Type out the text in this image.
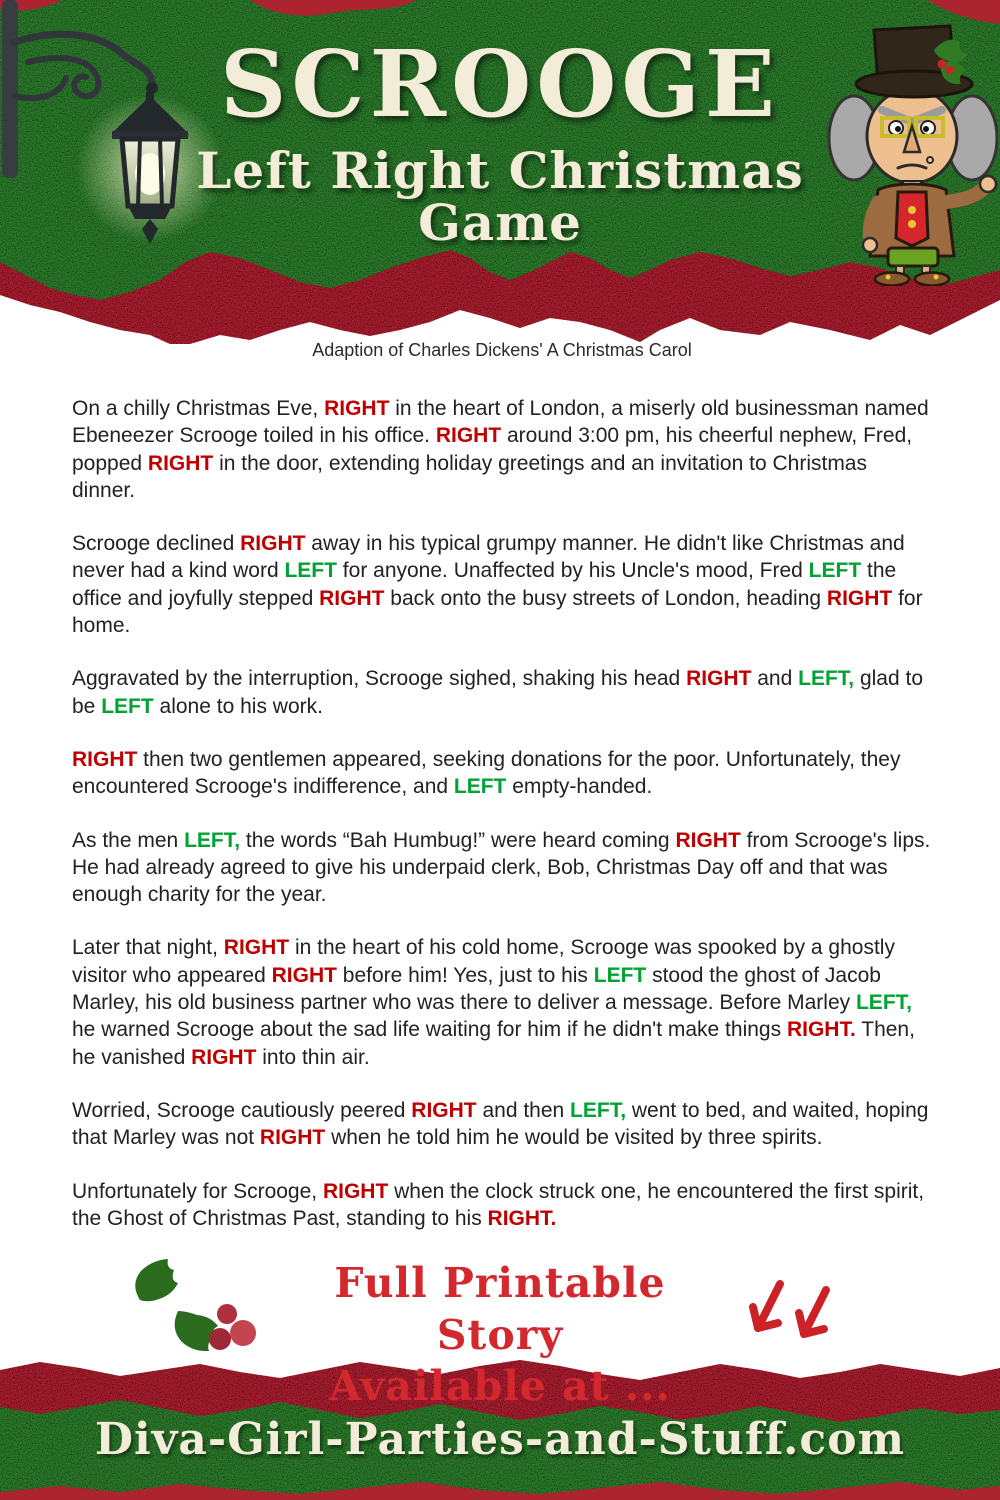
SCROOGE
Left Right Christmas Game

Adaption of Charles Dickens' A Christmas Carol

On a chilly Christmas Eve, RIGHT in the heart of London, a miserly old businessman named Ebeneezer Scrooge toiled in his office. RIGHT around 3:00 pm, his cheerful nephew, Fred, popped RIGHT in the door, extending holiday greetings and an invitation to Christmas dinner.

Scrooge declined RIGHT away in his typical grumpy manner. He didn't like Christmas and never had a kind word LEFT for anyone. Unaffected by his Uncle's mood, Fred LEFT the office and joyfully stepped RIGHT back onto the busy streets of London, heading RIGHT for home.

Aggravated by the interruption, Scrooge sighed, shaking his head RIGHT and LEFT, glad to be LEFT alone to his work.

RIGHT then two gentlemen appeared, seeking donations for the poor. Unfortunately, they encountered Scrooge's indifference, and LEFT empty-handed.

As the men LEFT, the words “Bah Humbug!” were heard coming RIGHT from Scrooge's lips. He had already agreed to give his underpaid clerk, Bob, Christmas Day off and that was enough charity for the year.

Later that night, RIGHT in the heart of his cold home, Scrooge was spooked by a ghostly visitor who appeared RIGHT before him! Yes, just to his LEFT stood the ghost of Jacob Marley, his old business partner who was there to deliver a message. Before Marley LEFT, he warned Scrooge about the sad life waiting for him if he didn't make things RIGHT. Then, he vanished RIGHT into thin air.

Worried, Scrooge cautiously peered RIGHT and then LEFT, went to bed, and waited, hoping that Marley was not RIGHT when he told him he would be visited by three spirits.

Unfortunately for Scrooge, RIGHT when the clock struck one, he encountered the first spirit, the Ghost of Christmas Past, standing to his RIGHT.

Full Printable Story
Available at ...
Diva-Girl-Parties-and-Stuff.com
